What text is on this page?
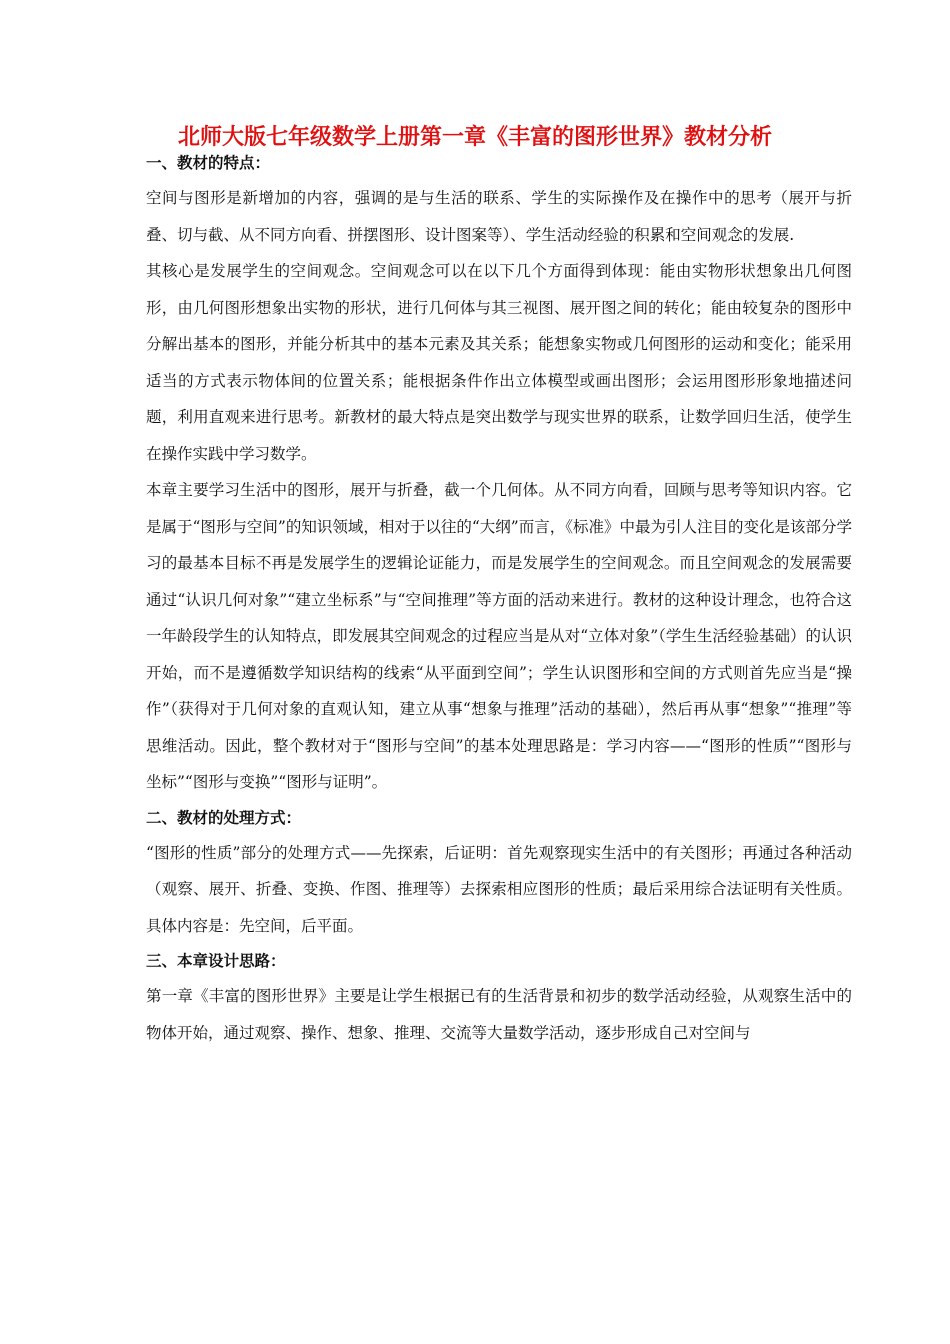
北师大版七年级数学上册第一章《丰富的图形世界》教材分析
一、教材的特点：

空间与图形是新增加的内容，强调的是与生活的联系、学生的实际操作及在操作中的思考（展开与折叠、切与截、从不同方向看、拼摆图形、设计图案等）、学生活动经验的积累和空间观念的发展.

其核心是发展学生的空间观念。空间观念可以在以下几个方面得到体现：能由实物形状想象出几何图形，由几何图形想象出实物的形状，进行几何体与其三视图、展开图之间的转化；能由较复杂的图形中分解出基本的图形，并能分析其中的基本元素及其关系；能想象实物或几何图形的运动和变化；能采用适当的方式表示物体间的位置关系；能根据条件作出立体模型或画出图形；会运用图形形象地描述问题，利用直观来进行思考。新教材的最大特点是突出数学与现实世界的联系，让数学回归生活，使学生在操作实践中学习数学。

本章主要学习生活中的图形，展开与折叠，截一个几何体。从不同方向看，回顾与思考等知识内容。它是属于“图形与空间”的知识领域，相对于以往的“大纲”而言，《标准》中最为引人注目的变化是该部分学习的最基本目标不再是发展学生的逻辑论证能力，而是发展学生的空间观念。而且空间观念的发展需要通过“认识几何对象”“建立坐标系”与“空间推理”等方面的活动来进行。教材的这种设计理念，也符合这一年龄段学生的认知特点，即发展其空间观念的过程应当是从对“立体对象”（学生生活经验基础）的认识开始，而不是遵循数学知识结构的线索“从平面到空间”；学生认识图形和空间的方式则首先应当是“操作”（获得对于几何对象的直观认知，建立从事“想象与推理”活动的基础），然后再从事“想象”“推理”等思维活动。因此，整个教材对于“图形与空间”的基本处理思路是：学习内容——“图形的性质”“图形与坐标”“图形与变换”“图形与证明”。

二、教材的处理方式：

“图形的性质”部分的处理方式——先探索，后证明：首先观察现实生活中的有关图形；再通过各种活动（观察、展开、折叠、变换、作图、推理等）去探索相应图形的性质；最后采用综合法证明有关性质。具体内容是：先空间，后平面。

三、本章设计思路：

第一章《丰富的图形世界》主要是让学生根据已有的生活背景和初步的数学活动经验，从观察生活中的物体开始，通过观察、操作、想象、推理、交流等大量数学活动，逐步形成自己对空间与
